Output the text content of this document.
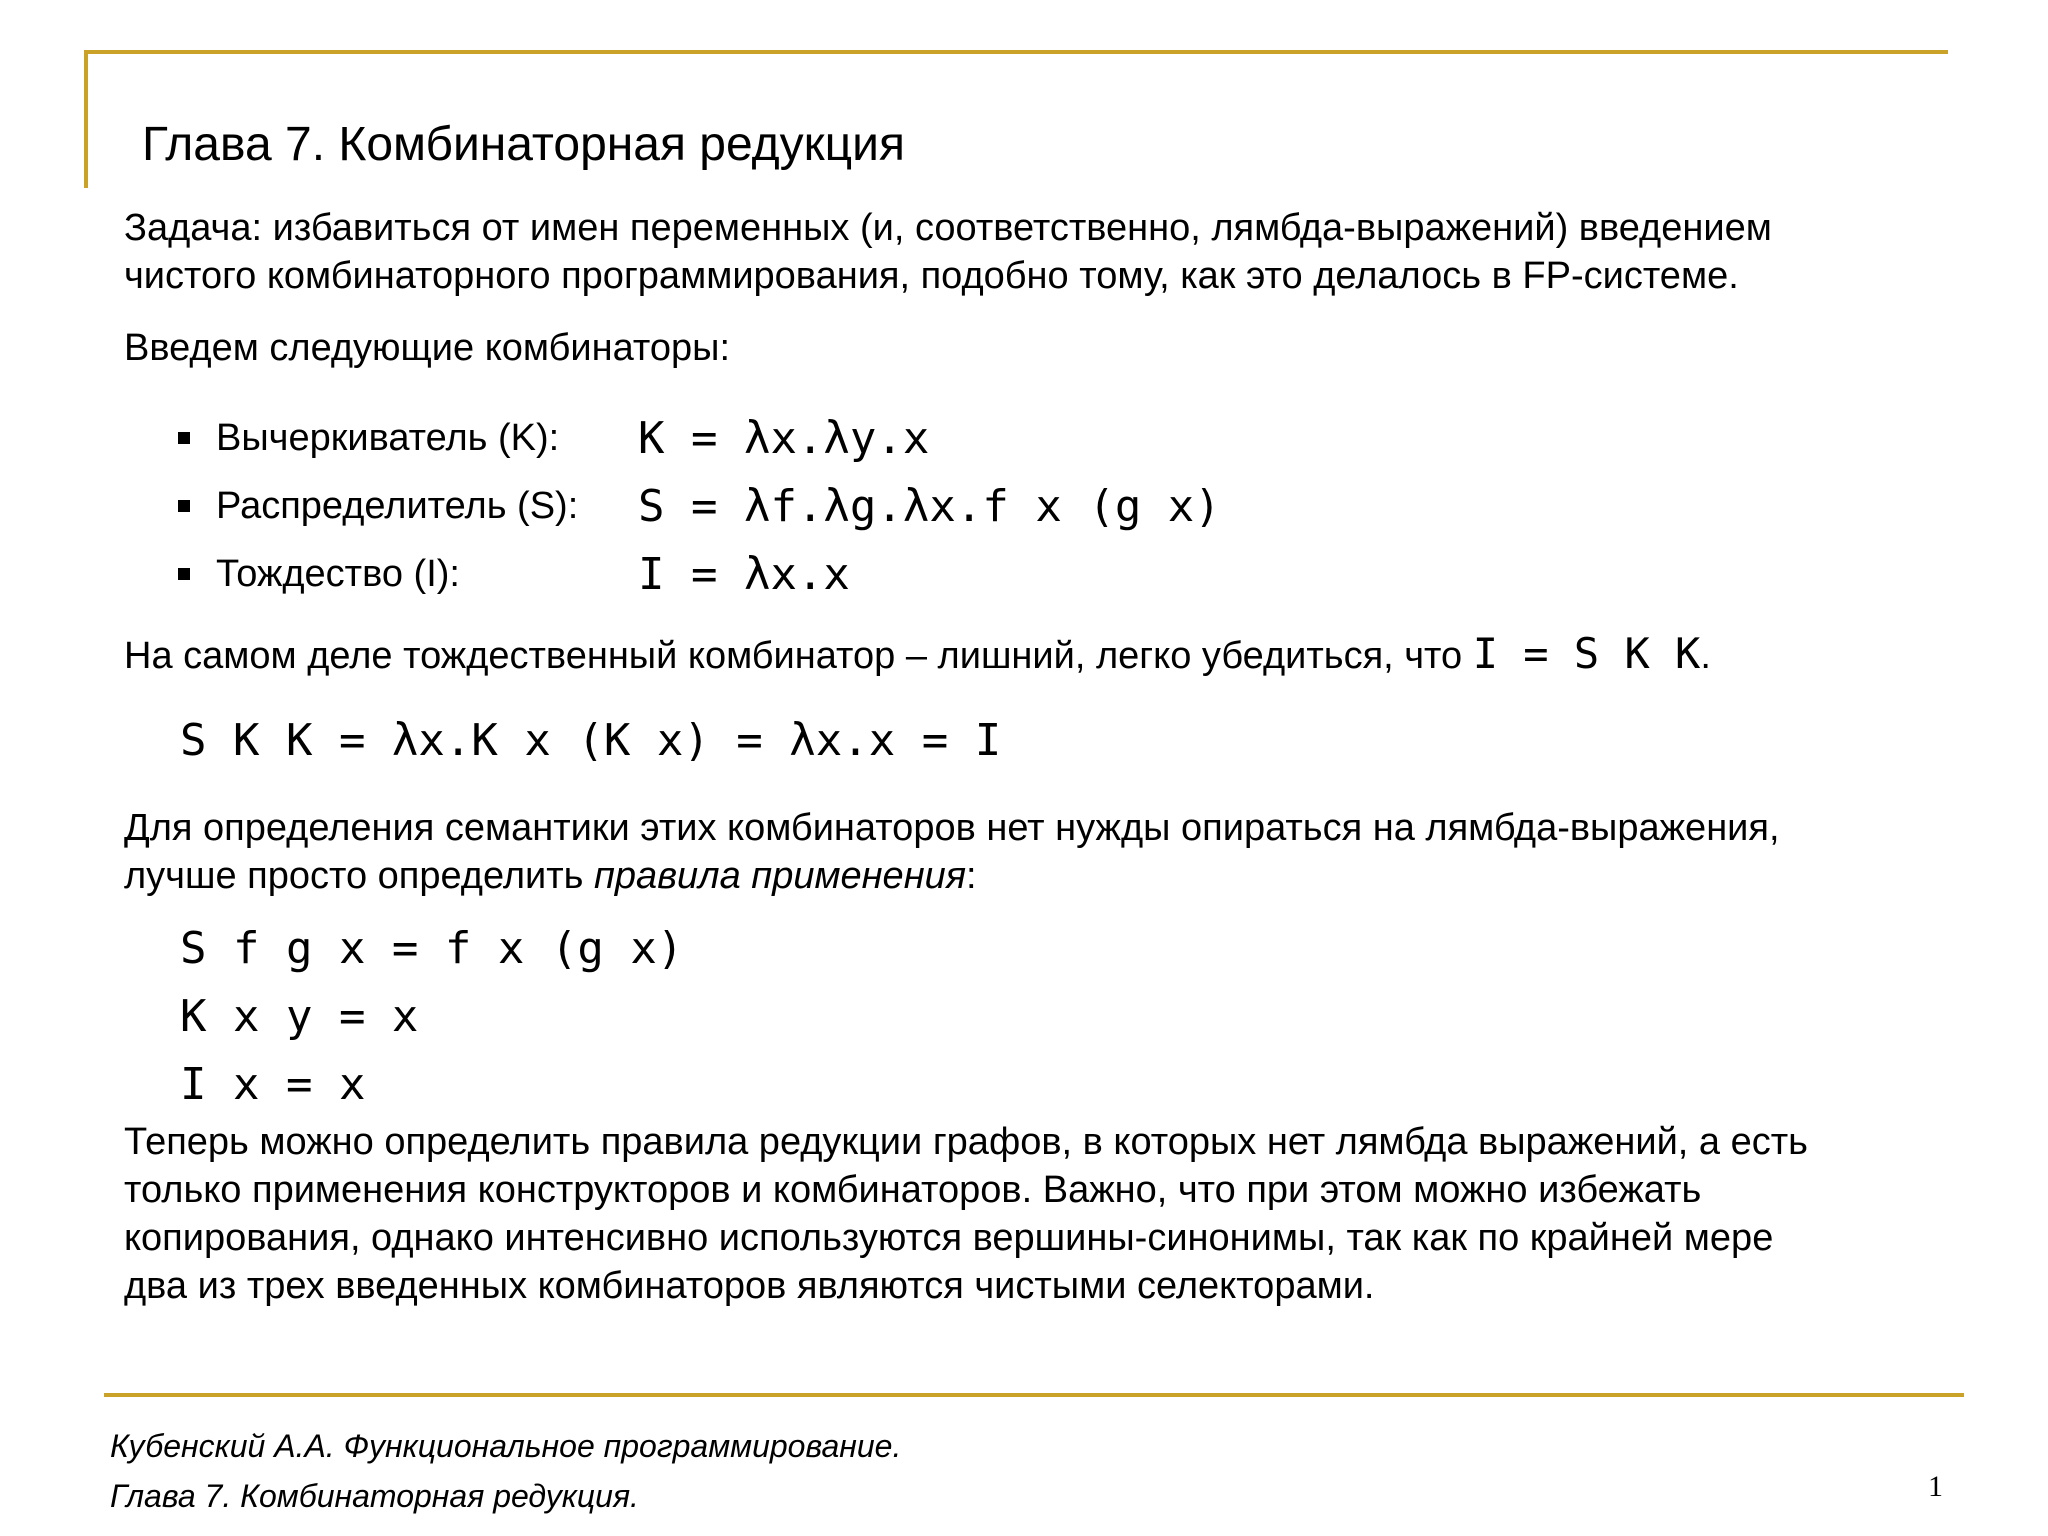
Глава 7. Комбинаторная редукция
Задача: избавиться от имен переменных (и, соответственно, лямбда-выражений) введением
чистого комбинаторного программирования, подобно тому, как это делалось в FP-системе.
Введем следующие комбинаторы:
Вычеркиватель (K):	K = λx.λy.x
Распределитель (S):	S = λf.λg.λx.f x (g x)
Тождество (I):	I = λx.x
На самом деле тождественный комбинатор – лишний, легко убедиться, что I = S K K.
S K K = λx.K x (K x) = λx.x = I
Для определения семантики этих комбинаторов нет нужды опираться на лямбда-выражения,
лучше просто определить правила применения:
S f g x = f x (g x)
K x y = x
I x = x
Теперь можно определить правила редукции графов, в которых нет лямбда выражений, а есть
только применения конструкторов и комбинаторов. Важно, что при этом можно избежать
копирования, однако интенсивно используются вершины-синонимы, так как по крайней мере
два из трех введенных комбинаторов являются чистыми селекторами.
Кубенский А.А. Функциональное программирование.
Глава 7. Комбинаторная редукция.	1
